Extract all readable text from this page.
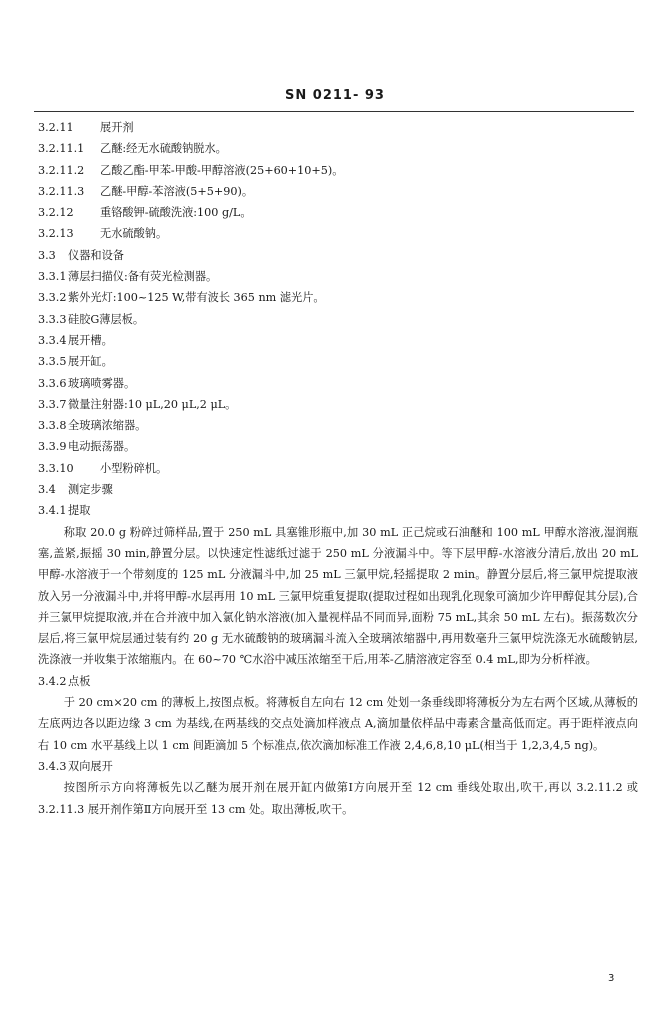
SN 0211- 93
3.2.11 展开剂
3.2.11.1 乙醚:经无水硫酸钠脱水。
3.2.11.2 乙酸乙酯-甲苯-甲酸-甲醇溶液(25+60+10+5)。
3.2.11.3 乙醚-甲醇-苯溶液(5+5+90)。
3.2.12 重铬酸钾-硫酸洗液:100 g/L。
3.2.13 无水硫酸钠。
3.3 仪器和设备
3.3.1 薄层扫描仪:备有荧光检测器。
3.3.2 紫外光灯:100~125 W,带有波长 365 nm 滤光片。
3.3.3 硅胶G薄层板。
3.3.4 展开槽。
3.3.5 展开缸。
3.3.6 玻璃喷雾器。
3.3.7 微量注射器:10 μL,20 μL,2 μL。
3.3.8 全玻璃浓缩器。
3.3.9 电动振荡器。
3.3.10 小型粉碎机。
3.4 测定步骤
3.4.1 提取
称取 20.0 g 粉碎过筛样品,置于 250 mL 具塞锥形瓶中,加 30 mL 正己烷或石油醚和 100 mL 甲醇水溶液,湿润瓶塞,盖紧,振摇 30 min,静置分层。以快速定性滤纸过滤于 250 mL 分液漏斗中。等下层甲醇-水溶液分清后,放出 20 mL 甲醇-水溶液于一个带刻度的 125 mL 分液漏斗中,加 25 mL 三氯甲烷,轻摇提取 2 min。静置分层后,将三氯甲烷提取液放入另一分液漏斗中,并将甲醇-水层再用 10 mL 三氯甲烷重复提取(提取过程如出现乳化现象可滴加少许甲醇促其分层),合并三氯甲烷提取液,并在合并液中加入氯化钠水溶液(加入量视样品不同而异,面粉 75 mL,其余 50 mL 左右)。振荡数次分层后,将三氯甲烷层通过装有约 20 g 无水硫酸钠的玻璃漏斗流入全玻璃浓缩器中,再用数毫升三氯甲烷洗涤无水硫酸钠层,洗涤液一并收集于浓缩瓶内。在 60~70 ℃水浴中减压浓缩至干后,用苯-乙腈溶液定容至 0.4 mL,即为分析样液。
3.4.2 点板
于 20 cm×20 cm 的薄板上,按图点板。将薄板自左向右 12 cm 处划一条垂线即将薄板分为左右两个区域,从薄板的左底两边各以距边缘 3 cm 为基线,在两基线的交点处滴加样液点 A,滴加量依样品中毒素含量高低而定。再于距样液点向右 10 cm 水平基线上以 1 cm 间距滴加 5 个标准点,依次滴加标准工作液 2,4,6,8,10 μL(相当于 1,2,3,4,5 ng)。
3.4.3 双向展开
按图所示方向将薄板先以乙醚为展开剂在展开缸内做第Ⅰ方向展开至 12 cm 垂线处取出,吹干,再以 3.2.11.2 或 3.2.11.3 展开剂作第Ⅱ方向展开至 13 cm 处。取出薄板,吹干。
3
